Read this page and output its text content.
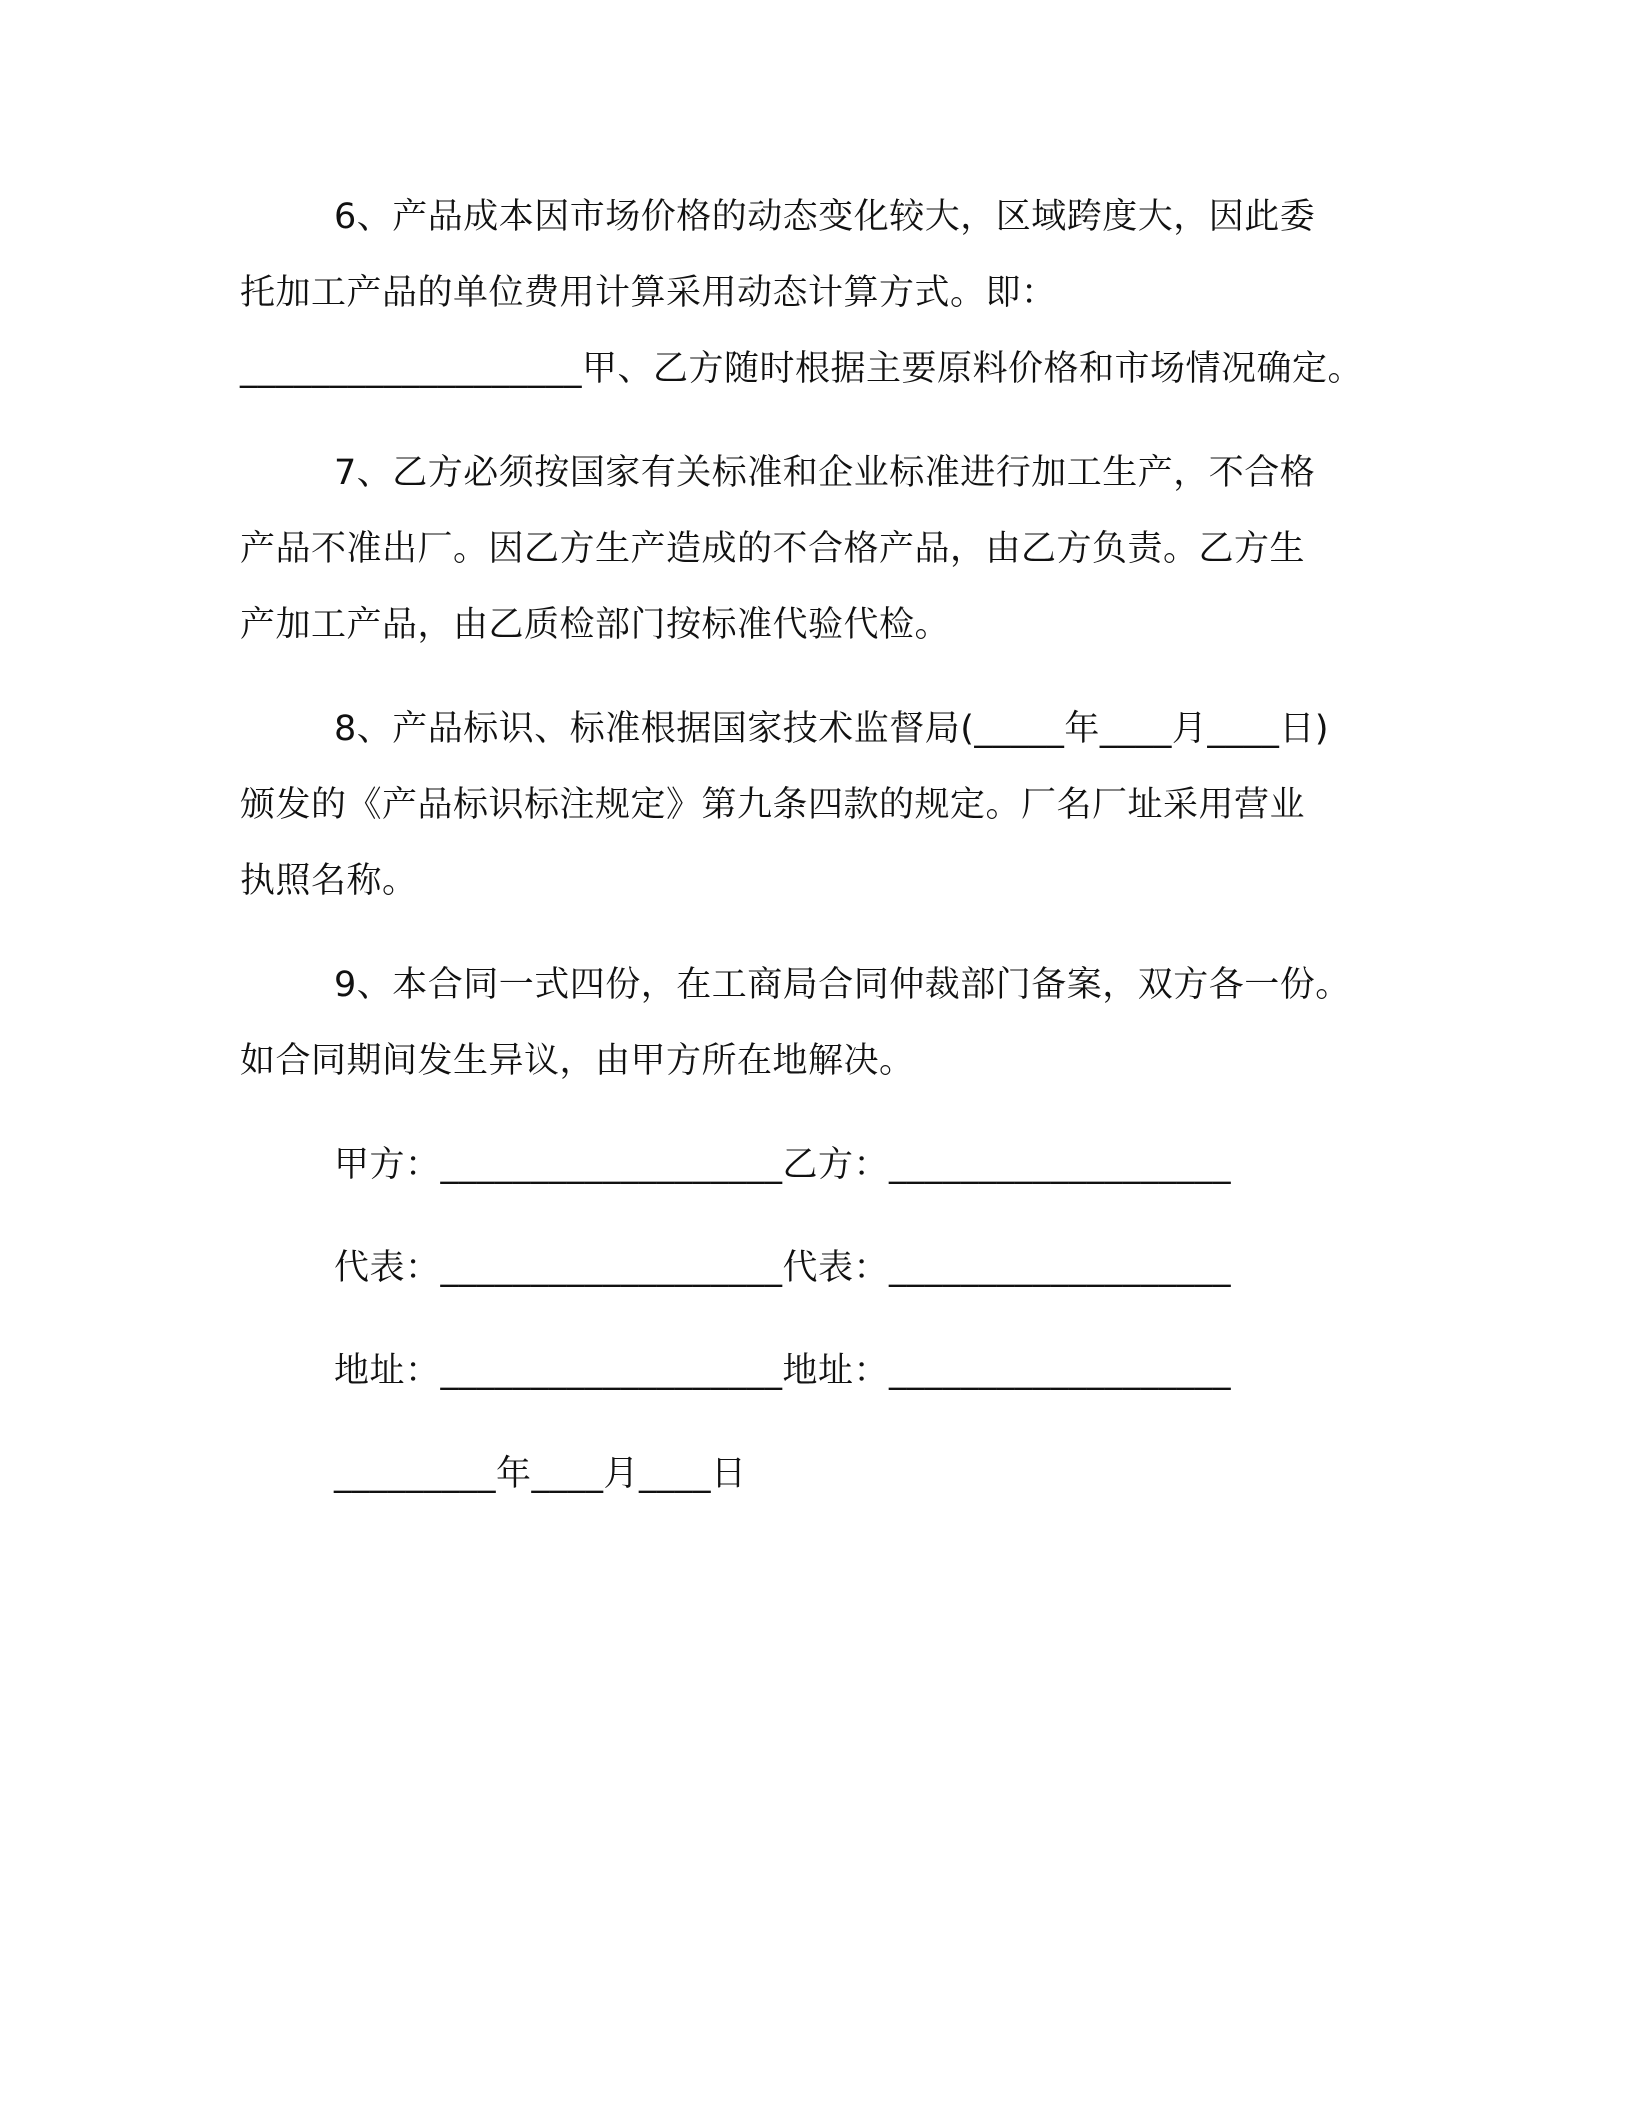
6、产品成本因市场价格的动态变化较大，区域跨度大，因此委
托加工产品的单位费用计算采用动态计算方式。即：
___________________甲、乙方随时根据主要原料价格和市场情况确定。
7、乙方必须按国家有关标准和企业标准进行加工生产，不合格
产品不准出厂。因乙方生产造成的不合格产品，由乙方负责。乙方生
产加工产品，由乙质检部门按标准代验代检。
8、产品标识、标准根据国家技术监督局(_____年____月____日)
颁发的《产品标识标注规定》第九条四款的规定。厂名厂址采用营业
执照名称。
9、本合同一式四份，在工商局合同仲裁部门备案，双方各一份。
如合同期间发生异议，由甲方所在地解决。
甲方：___________________乙方：___________________
代表：___________________代表：___________________
地址：___________________地址：___________________
_________年____月____日
